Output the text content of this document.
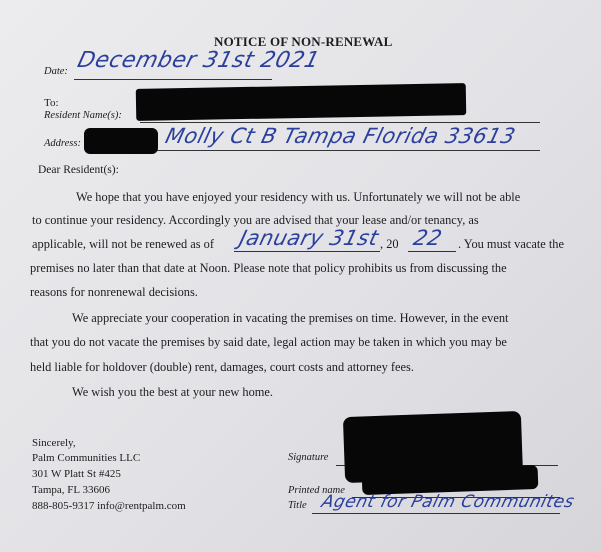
NOTICE OF NON-RENEWAL
Date: December 31st 2021
To:
Resident Name(s):
Address:	Molly Ct B Tampa Florida 33613
Dear Resident(s):
We hope that you have enjoyed your residency with us. Unfortunately we will not be able
to continue your residency. Accordingly you are advised that your lease and/or tenancy, as
applicable, will not be renewed as of January 31st
, 20 22 . You must vacate the
premises no later than that date at Noon. Please note that policy prohibits us from discussing the
reasons for nonrenewal decisions.
We appreciate your cooperation in vacating the premises on time. However, in the event
that you do not vacate the premises by said date, legal action may be taken in which you may be
held liable for holdover (double) rent, damages, court costs and attorney fees.
We wish you the best at your new home.
Sincerely,
Palm Communities LLC
301 W Platt St #425
Tampa, FL 33606
888-805-9317 info@rentpalm.com
Signature
Printed name
Title Agent for Palm Communites
